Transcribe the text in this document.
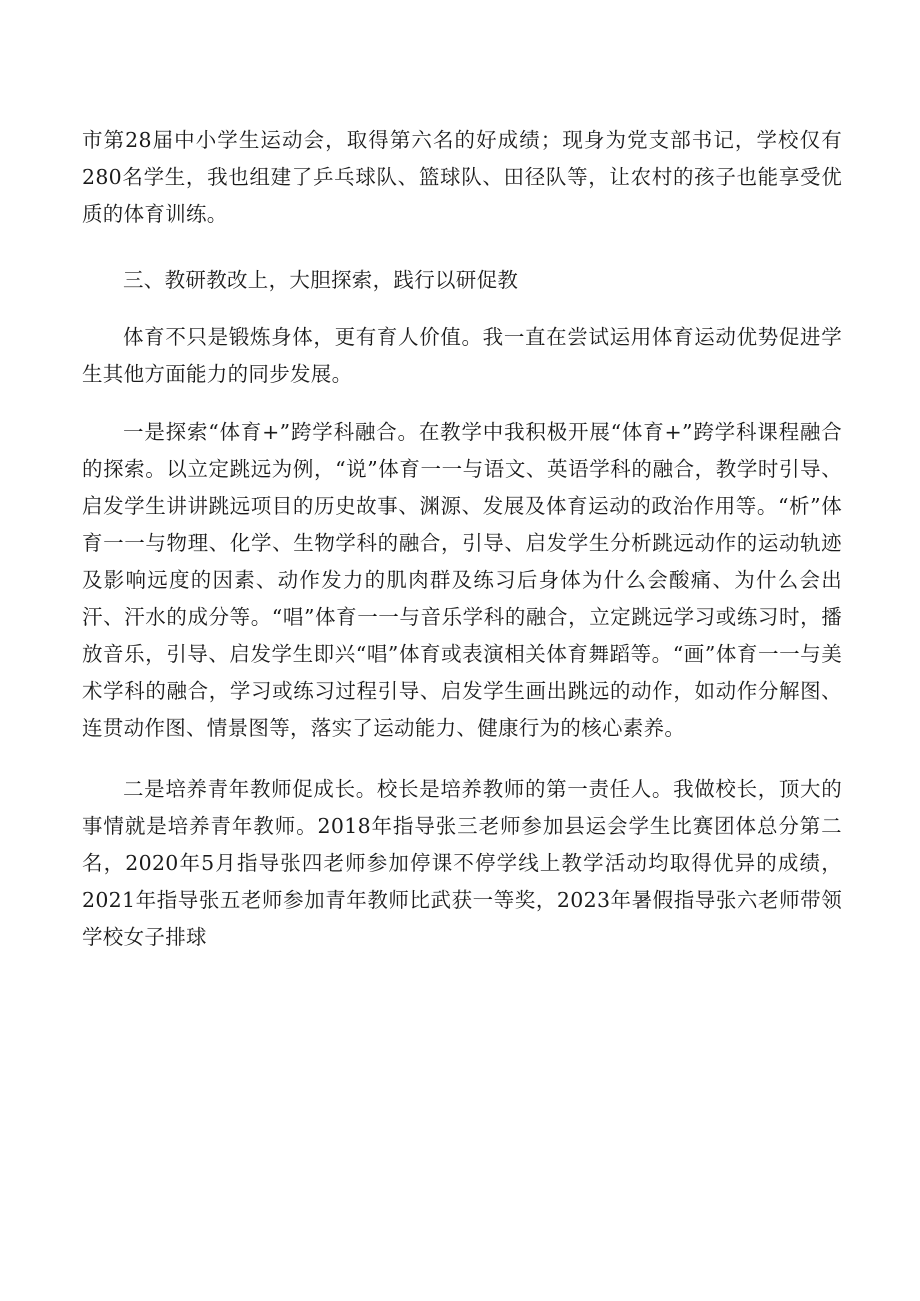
市第28届中小学生运动会，取得第六名的好成绩；现身为党支部书记，学校仅有280名学生，我也组建了乒乓球队、篮球队、田径队等，让农村的孩子也能享受优质的体育训练。

三、教研教改上，大胆探索，践行以研促教

体育不只是锻炼身体，更有育人价值。我一直在尝试运用体育运动优势促进学生其他方面能力的同步发展。

一是探索“体育+”跨学科融合。在教学中我积极开展“体育+”跨学科课程融合的探索。以立定跳远为例，“说”体育一一与语文、英语学科的融合，教学时引导、启发学生讲讲跳远项目的历史故事、渊源、发展及体育运动的政治作用等。“析”体育一一与物理、化学、生物学科的融合，引导、启发学生分析跳远动作的运动轨迹及影响远度的因素、动作发力的肌肉群及练习后身体为什么会酸痛、为什么会出汗、汗水的成分等。“唱”体育一一与音乐学科的融合，立定跳远学习或练习时，播放音乐，引导、启发学生即兴“唱”体育或表演相关体育舞蹈等。“画”体育一一与美术学科的融合，学习或练习过程引导、启发学生画出跳远的动作，如动作分解图、连贯动作图、情景图等，落实了运动能力、健康行为的核心素养。

二是培养青年教师促成长。校长是培养教师的第一责任人。我做校长，顶大的事情就是培养青年教师。2018年指导张三老师参加县运会学生比赛团体总分第二名，2020年5月指导张四老师参加停课不停学线上教学活动均取得优异的成绩，2021年指导张五老师参加青年教师比武获一等奖，2023年暑假指导张六老师带领学校女子排球
